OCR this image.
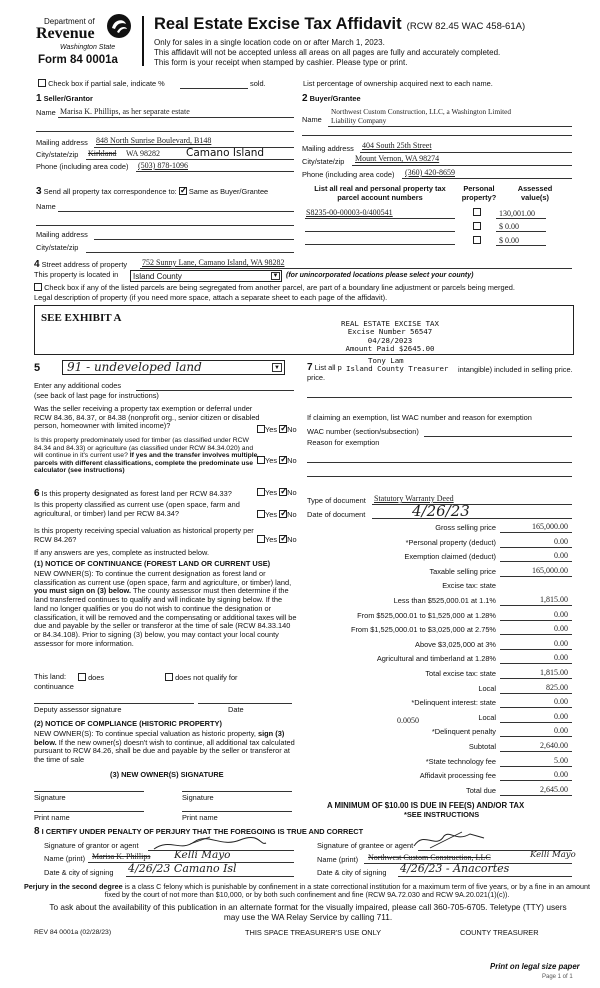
Department of
Revenue
Washington State
Form 84 0001a
Real Estate Excise Tax Affidavit (RCW 82.45 WAC 458-61A)
Only for sales in a single location code on or after March 1, 2023.
This affidavit will not be accepted unless all areas on all pages are fully and accurately completed.
This form is your receipt when stamped by cashier. Please type or print.
Check box if partial sale, indicate %	sold.	List percentage of ownership acquired next to each name.
1 Seller/Grantor
Name Marisa K. Phillips, as her separate estate
Mailing address 848 North Sunrise Boulevard, B148
City/state/zip Kirkland WA 98282 Camano Island
Phone (including area code) (503) 878-1096
2 Buyer/Grantee
Name
Northwest Custom Construction, LLC, a Washington Limited
Liability Company
Mailing address 404 South 25th Street
City/state/zip Mount Vernon, WA 98274
Phone (including area code) (360) 420-8659
3 Send all property tax correspondence to: ✓ Same as Buyer/Grantee
Name
Mailing address
City/state/zip
List all real and personal property tax parcel account numbers
Personal property?
Assessed value(s)
S8235-00-00003-0/400541	130,001.00
$ 0.00
$ 0.00
4 Street address of property 752 Sunny Lane, Camano Island, WA 98282
This property is located in Island County	▼ (for unincorporated locations please select your county)
Check box if any of the listed parcels are being segregated from another parcel, are part of a boundary line adjustment or parcels being merged.
Legal description of property (if you need more space, attach a separate sheet to each page of the affidavit).
SEE EXHIBIT A	REAL ESTATE EXCISE TAX
Excise Number 56547
04/28/2023
Amount Paid $2645.00
5 91 - undeveloped land	▼
Enter any additional codes
(see back of last page for instructions)
Was the seller receiving a property tax exemption or deferral under RCW 84.36, 84.37, or 84.38 (nonprofit org., senior citizen or disabled person, homeowner with limited income)?	Yes ✓ No
Is this property predominately used for timber (as classified under RCW 84.34 and 84.33) or agriculture (as classified under RCW 84.34.020) and will continue in it's current use? If yes and the transfer involves multiple parcels with different classifications, complete the predominate use calculator (see instructions)
Yes ✓ No
7 List all p
Tony Lam
Island County Treasurer intangible) included in selling price.
price.
If claiming an exemption, list WAC number and reason for exemption
WAC number (section/subsection)
Reason for exemption
6 Is this property designated as forest land per RCW 84.33?	Yes ✓ No
Is this property classified as current use (open space, farm and agricultural, or timber) land per RCW 84.34?	Yes ✓ No
Is this property receiving special valuation as historical property per RCW 84.26?	Yes ✓ No
If any answers are yes, complete as instructed below.
(1) NOTICE OF CONTINUANCE (FOREST LAND OR CURRENT USE)
NEW OWNER(S): To continue the current designation as forest land or classification as current use (open space, farm and agriculture, or timber) land, you must sign on (3) below. The county assessor must then determine if the land transferred continues to qualify and will indicate by signing below. If the land no longer qualifies or you do not wish to continue the designation or classification, it will be removed and the compensating or additional taxes will be due and payable by the seller or transferor at the time of sale (RCW 84.33.140 or 84.34.108). Prior to signing (3) below, you may contact your local county assessor for more information.
This land:	does	does not qualify for
continuance
Deputy assessor signature	Date
(2) NOTICE OF COMPLIANCE (HISTORIC PROPERTY)
NEW OWNER(S): To continue special valuation as historic property, sign (3) below. If the new owner(s) doesn't wish to continue, all additional tax calculated pursuant to RCW 84.26, shall be due and payable by the seller or transferor at the time of sale
(3) NEW OWNER(S) SIGNATURE
Signature	Signature
Print name	Print name
Type of document Statutory Warranty Deed
Date of document	4/26/23
Gross selling price	165,000.00
*Personal property (deduct)	0.00
Exemption claimed (deduct)	0.00
Taxable selling price	165,000.00
Excise tax: state
Less than $525,000.01 at 1.1%	1,815.00
From $525,000.01 to $1,525,000 at 1.28%	0.00
From $1,525,000.01 to $3,025,000 at 2.75%	0.00
Above $3,025,000 at 3%	0.00
Agricultural and timberland at 1.28%	0.00
Total excise tax: state	1,815.00
Local	825.00
*Delinquent interest: state	0.00
Local	0.00
*Delinquent penalty	0.00
Subtotal	2,640.00
*State technology fee	5.00
Affidavit processing fee	0.00
Total due	2,645.00
0.0050
A MINIMUM OF $10.00 IS DUE IN FEE(S) AND/OR TAX
*SEE INSTRUCTIONS
8 I CERTIFY UNDER PENALTY OF PERJURY THAT THE FOREGOING IS TRUE AND CORRECT
Signature of grantor or agent
Name (print) Marisa K. Phillips Kelli Mayo
Date & city of signing 4/26/23 Camano Isl
Signature of grantee or agent
Name (print) Northwest Custom Construction, LLC	Kelli Mayo
Date & city of signing 4/26/23 - Anacortes
Perjury in the second degree is a class C felony which is punishable by confinement in a state correctional institution for a maximum term of five years, or by a fine in an amount fixed by the court of not more than $10,000, or by both such confinement and fine (RCW 9A.72.030 and RCW 9A.20.021(1)(c)).
To ask about the availability of this publication in an alternate format for the visually impaired, please call 360-705-6705. Teletype (TTY) users may use the WA Relay Service by calling 711.
REV 84 0001a (02/28/23)	THIS SPACE TREASURER'S USE ONLY	COUNTY TREASURER
Print on legal size paper
Page 1 of 1
